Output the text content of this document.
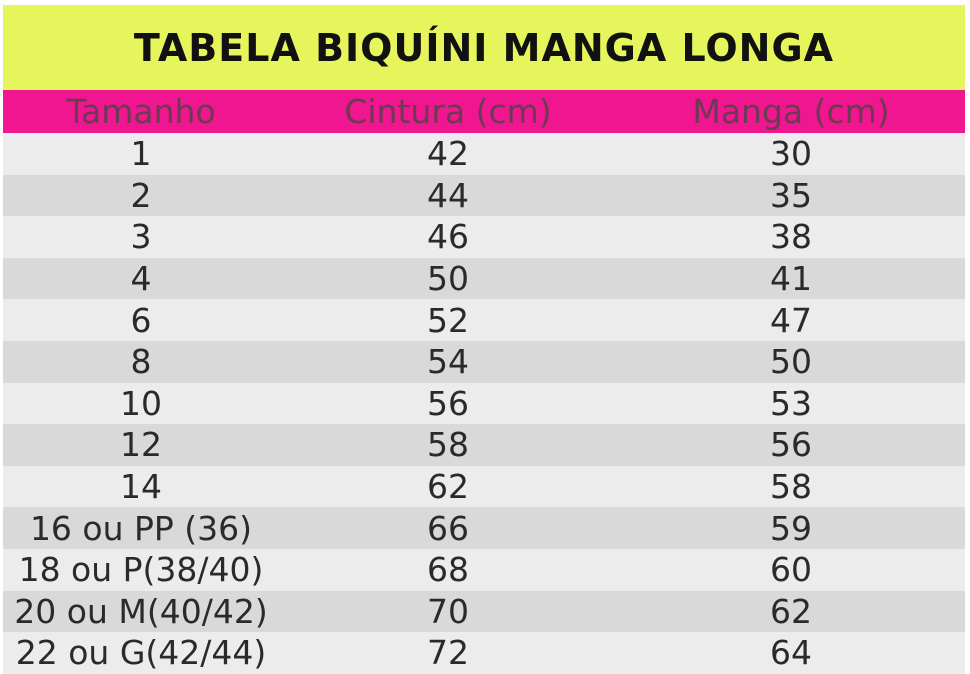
TABELA BIQUÍNI MANGA LONGA
Tamanho	Cintura (cm)	Manga (cm)
1	42	30
2	44	35
3	46	38
4	50	41
6	52	47
8	54	50
10	56	53
12	58	56
14	62	58
16 ou PP (36)	66	59
18 ou P(38/40)	68	60
20 ou M(40/42)	70	62
22 ou G(42/44)	72	64
